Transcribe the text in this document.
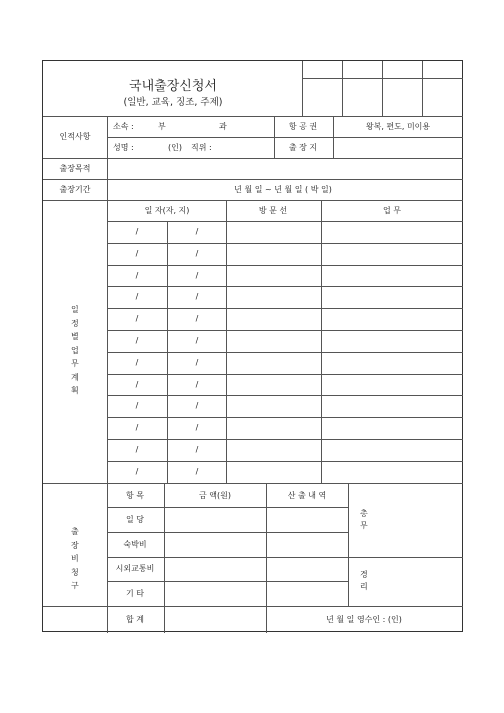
국내출장신청서
(일반, 교육, 징조, 주제)
인적사항
소속 :	부	과	항 공 권	왕복, 편도, 미이용
성명 :	(인) 직위 :	출 장 지
출장목적
출장기간	년 월 일 ~ 년 월 일 ( 박 일)
일 자(자, 지)	방 문 선	업 무
일
정
별
업
무
계
획
/	/
/	/
/	/
/	/
/	/
/	/
/	/
/	/
/	/
/	/
/	/
/	/
출
장
비
청
구
항 목	금 액(원)	산 출 내 역
일 당
숙박비
시외교통비
기 타
합 계
총
무
경
리
년 월 일 영수인 : (인)
